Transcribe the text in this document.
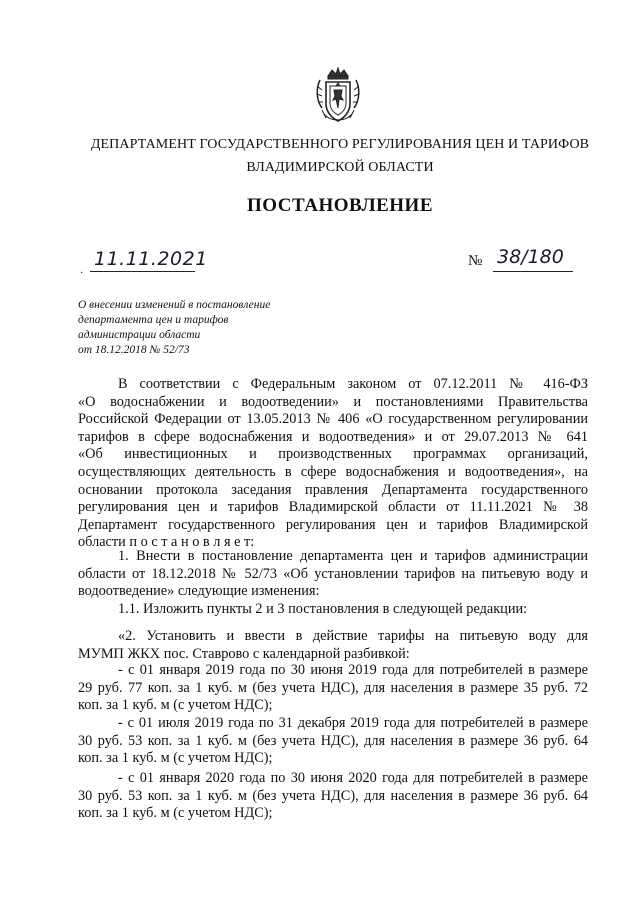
ДЕПАРТАМЕНТ ГОСУДАРСТВЕННОГО РЕГУЛИРОВАНИЯ ЦЕН И ТАРИФОВ
ВЛАДИМИРСКОЙ ОБЛАСТИ
ПОСТАНОВЛЕНИЕ
·
11.11.2021	№ 38/180
О внесении изменений в постановление
департамента цен и тарифов
администрации области
от 18.12.2018 № 52/73
В соответствии с Федеральным законом от 07.12.2011 № 416-ФЗ
«О водоснабжении и водоотведении» и постановлениями Правительства
Российской Федерации от 13.05.2013 № 406 «О государственном регулировании
тарифов в сфере водоснабжения и водоотведения» и от 29.07.2013 № 641
«Об инвестиционных и производственных программах организаций,
осуществляющих деятельность в сфере водоснабжения и водоотведения», на
основании протокола заседания правления Департамента государственного
регулирования цен и тарифов Владимирской области от 11.11.2021 № 38
Департамент государственного регулирования цен и тарифов Владимирской
области п о с т а н о в л я е т:
1. Внести в постановление департамента цен и тарифов администрации
области от 18.12.2018 № 52/73 «Об установлении тарифов на питьевую воду и
водоотведение» следующие изменения:
1.1. Изложить пункты 2 и 3 постановления в следующей редакции:
«2. Установить и ввести в действие тарифы на питьевую воду для
МУМП ЖКХ пос. Ставрово с календарной разбивкой:
- с 01 января 2019 года по 30 июня 2019 года для потребителей в размере
29 руб. 77 коп. за 1 куб. м (без учета НДС), для населения в размере 35 руб. 72
коп. за 1 куб. м (с учетом НДС);
- с 01 июля 2019 года по 31 декабря 2019 года для потребителей в размере
30 руб. 53 коп. за 1 куб. м (без учета НДС), для населения в размере 36 руб. 64
коп. за 1 куб. м (с учетом НДС);
- с 01 января 2020 года по 30 июня 2020 года для потребителей в размере
30 руб. 53 коп. за 1 куб. м (без учета НДС), для населения в размере 36 руб. 64
коп. за 1 куб. м (с учетом НДС);
